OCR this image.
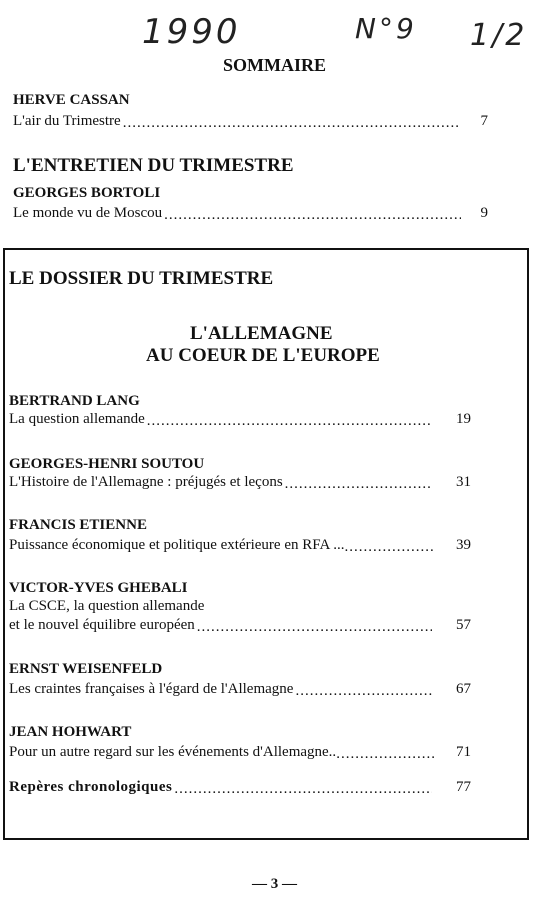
1990	N°9 1/2
SOMMAIRE
HERVE CASSAN
L'air du Trimestre .....	7
L'ENTRETIEN DU TRIMESTRE
GEORGES BORTOLI
Le monde vu de Moscou .....	9
LE DOSSIER DU TRIMESTRE
L'ALLEMAGNE
AU COEUR DE L'EUROPE
BERTRAND LANG
La question allemande .....	19
GEORGES-HENRI SOUTOU
L'Histoire de l'Allemagne : préjugés et leçons .....	31
FRANCIS ETIENNE
Puissance économique et politique extérieure en RFA ... .....	39
VICTOR-YVES GHEBALI
La CSCE, la question allemande
et le nouvel équilibre européen .....	57
ERNST WEISENFELD
Les craintes françaises à l'égard de l'Allemagne .....	67
JEAN HOHWART
Pour un autre regard sur les événements d'Allemagne.. .....	71
Repères chronologiques .....	77
— 3 —
